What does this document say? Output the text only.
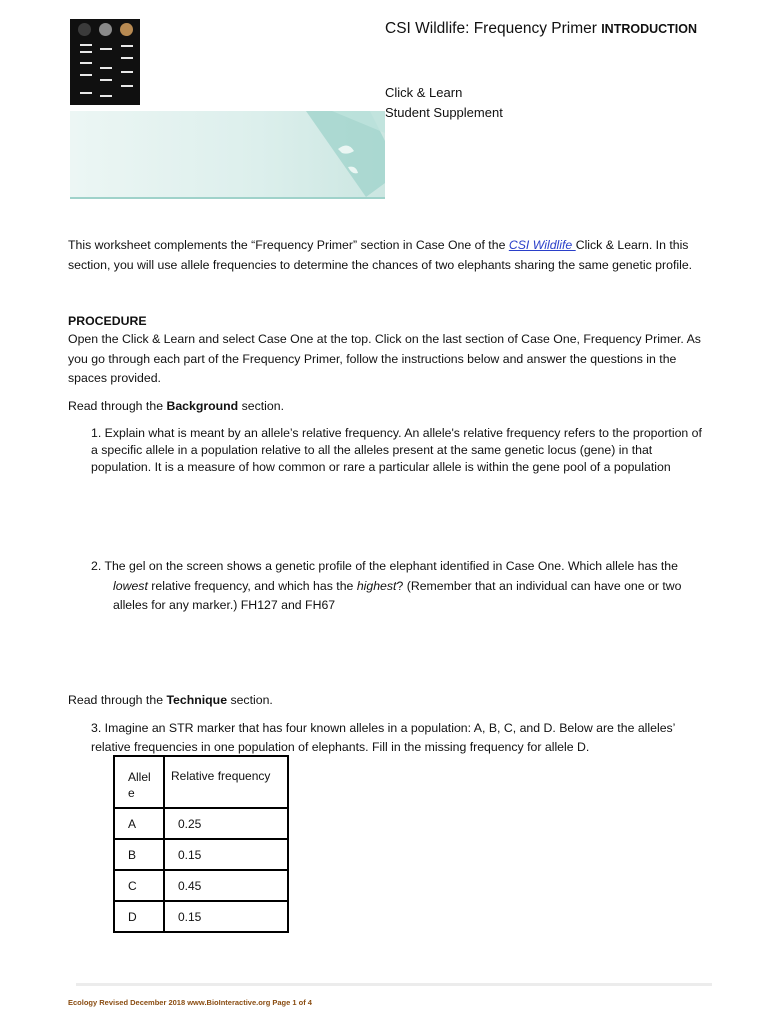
CSI Wildlife: Frequency Primer INTRODUCTION
Click & Learn
Student Supplement
This worksheet complements the “Frequency Primer” section in Case One of the CSI Wildlife Click & Learn. In this section, you will use allele frequencies to determine the chances of two elephants sharing the same genetic profile.
PROCEDURE
Open the Click & Learn and select Case One at the top. Click on the last section of Case One, Frequency Primer. As you go through each part of the Frequency Primer, follow the instructions below and answer the questions in the spaces provided.
Read through the Background section.
1. Explain what is meant by an allele’s relative frequency. An allele's relative frequency refers to the proportion of a specific allele in a population relative to all the alleles present at the same genetic locus (gene) in that population. It is a measure of how common or rare a particular allele is within the gene pool of a population
2. The gel on the screen shows a genetic profile of the elephant identified in Case One. Which allele has the
lowest relative frequency, and which has the highest? (Remember that an individual can have one or two alleles for any marker.) FH127 and FH67
Read through the Technique section.
3. Imagine an STR marker that has four known alleles in a population: A, B, C, and D. Below are the alleles’ relative frequencies in one population of elephants. Fill in the missing frequency for allele D.
Allel
e	Relative frequency

A	0.25

B	0.15

C	0.45

D	0.15
Ecology Revised December 2018 www.BioInteractive.org Page 1 of 4
